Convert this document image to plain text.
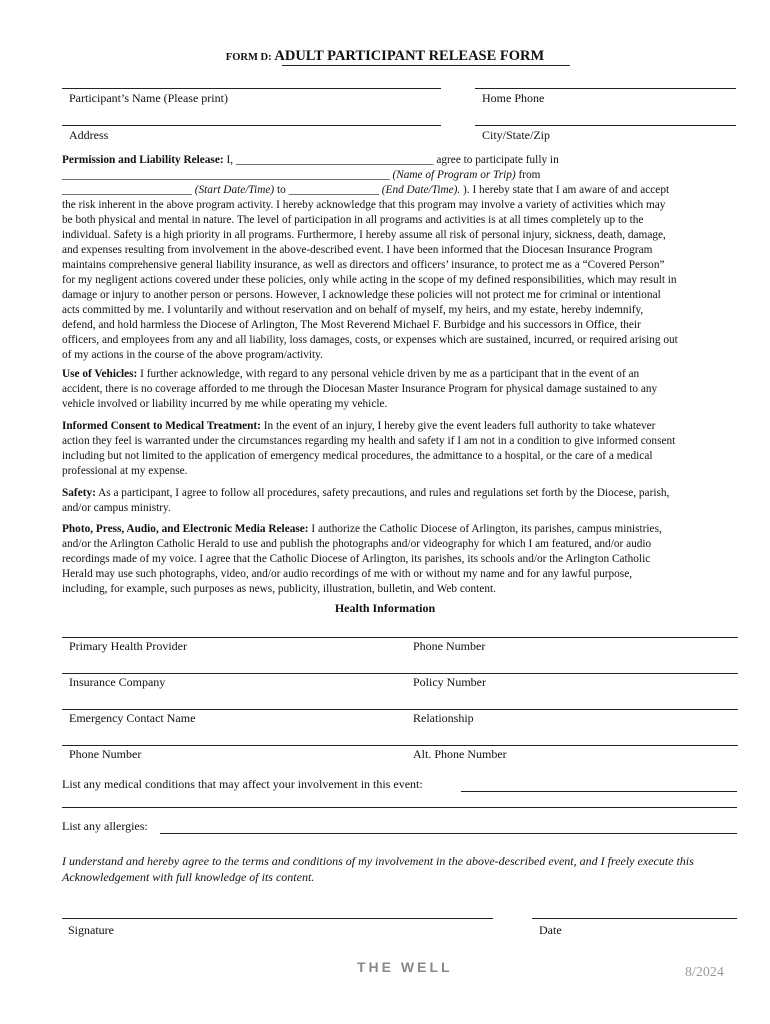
FORM D: ADULT PARTICIPANT RELEASE FORM
Participant’s Name (Please print)	Home Phone
Address	City/State/Zip
Permission and Liability Release: I, ___________________________________ agree to participate fully in
__________________________________________________________ (Name of Program or Trip) from
_______________________ (Start Date/Time) to ________________ (End Date/Time). ). I hereby state that I am aware of and accept
the risk inherent in the above program activity. I hereby acknowledge that this program may involve a variety of activities which may
be both physical and mental in nature. The level of participation in all programs and activities is at all times completely up to the
individual. Safety is a high priority in all programs. Furthermore, I hereby assume all risk of personal injury, sickness, death, damage,
and expenses resulting from involvement in the above-described event. I have been informed that the Diocesan Insurance Program
maintains comprehensive general liability insurance, as well as directors and officers’ insurance, to protect me as a “Covered Person”
for my negligent actions covered under these policies, only while acting in the scope of my defined responsibilities, which may result in
damage or injury to another person or persons. However, I acknowledge these policies will not protect me for criminal or intentional
acts committed by me. I voluntarily and without reservation and on behalf of myself, my heirs, and my estate, hereby indemnify,
defend, and hold harmless the Diocese of Arlington, The Most Reverend Michael F. Burbidge and his successors in Office, their
officers, and employees from any and all liability, loss damages, costs, or expenses which are sustained, incurred, or required arising out
of my actions in the course of the above program/activity.
Use of Vehicles: I further acknowledge, with regard to any personal vehicle driven by me as a participant that in the event of an
accident, there is no coverage afforded to me through the Diocesan Master Insurance Program for physical damage sustained to any
vehicle involved or liability incurred by me while operating my vehicle.
Informed Consent to Medical Treatment: In the event of an injury, I hereby give the event leaders full authority to take whatever
action they feel is warranted under the circumstances regarding my health and safety if I am not in a condition to give informed consent
including but not limited to the application of emergency medical procedures, the admittance to a hospital, or the care of a medical
professional at my expense.
Safety: As a participant, I agree to follow all procedures, safety precautions, and rules and regulations set forth by the Diocese, parish,
and/or campus ministry.
Photo, Press, Audio, and Electronic Media Release: I authorize the Catholic Diocese of Arlington, its parishes, campus ministries,
and/or the Arlington Catholic Herald to use and publish the photographs and/or videography for which I am featured, and/or audio
recordings made of my voice. I agree that the Catholic Diocese of Arlington, its parishes, its schools and/or the Arlington Catholic
Herald may use such photographs, video, and/or audio recordings of me with or without my name and for any lawful purpose,
including, for example, such purposes as news, publicity, illustration, bulletin, and Web content.
Health Information
Primary Health Provider	Phone Number
Insurance Company	Policy Number
Emergency Contact Name	Relationship
Phone Number	Alt. Phone Number
List any medical conditions that may affect your involvement in this event:
List any allergies:
I understand and hereby agree to the terms and conditions of my involvement in the above-described event, and I freely execute this Acknowledgement with full knowledge of its content.
Signature	Date
THE WELL	8/2024
